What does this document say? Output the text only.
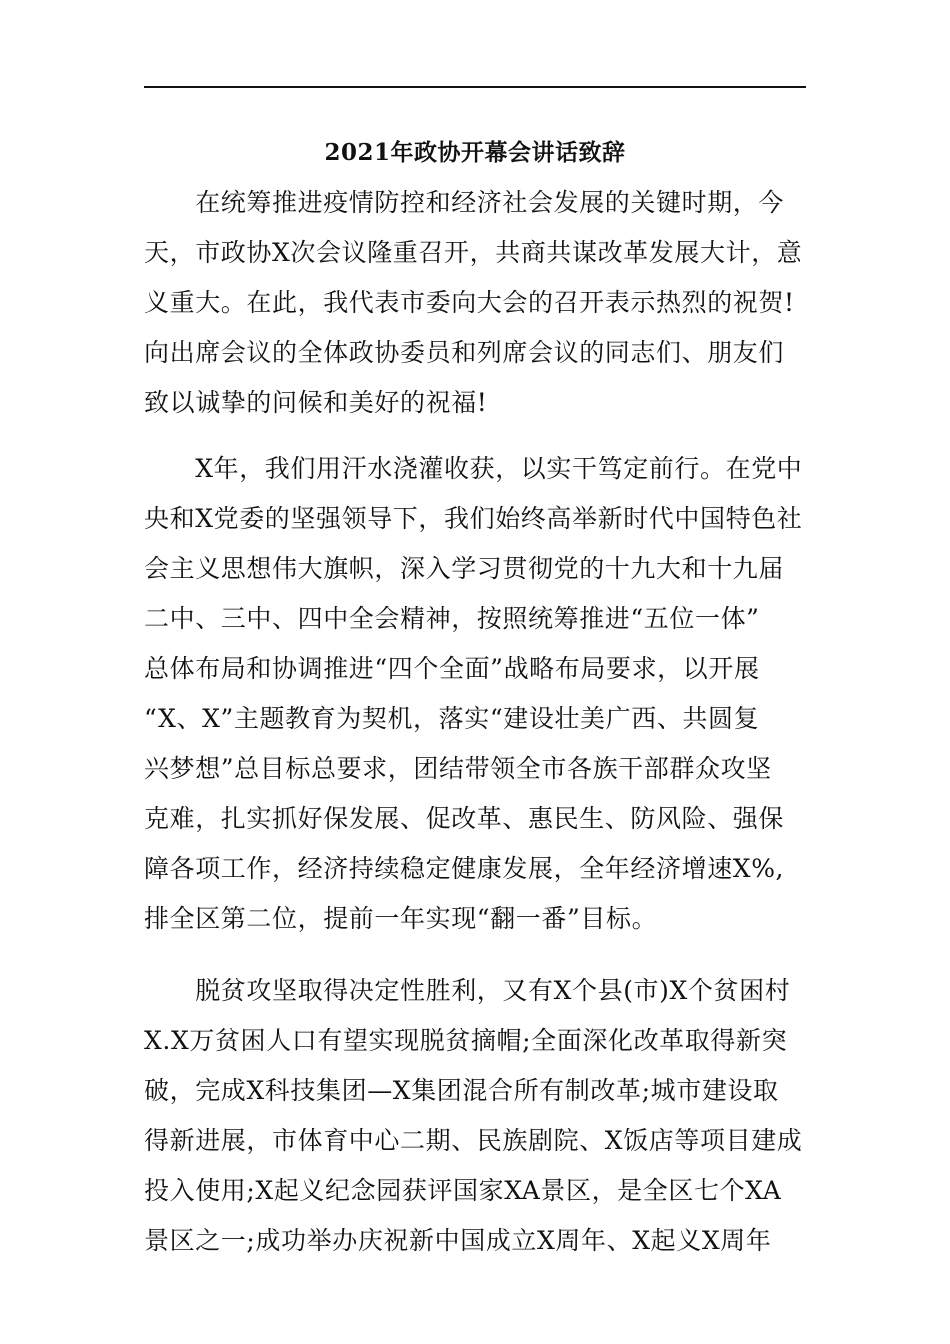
2021年政协开幕会讲话致辞
　　在统筹推进疫情防控和经济社会发展的关键时期，今
天，市政协X次会议隆重召开，共商共谋改革发展大计，意
义重大。在此，我代表市委向大会的召开表示热烈的祝贺!
向出席会议的全体政协委员和列席会议的同志们、朋友们
致以诚挚的问候和美好的祝福!
　　X年，我们用汗水浇灌收获，以实干笃定前行。在党中
央和X党委的坚强领导下，我们始终高举新时代中国特色社
会主义思想伟大旗帜，深入学习贯彻党的十九大和十九届
二中、三中、四中全会精神，按照统筹推进“五位一体”
总体布局和协调推进“四个全面”战略布局要求，以开展
“X、X”主题教育为契机，落实“建设壮美广西、共圆复
兴梦想”总目标总要求，团结带领全市各族干部群众攻坚
克难，扎实抓好保发展、促改革、惠民生、防风险、强保
障各项工作，经济持续稳定健康发展，全年经济增速X%,
排全区第二位，提前一年实现“翻一番”目标。
　　脱贫攻坚取得决定性胜利，又有X个县(市)X个贫困村
X.X万贫困人口有望实现脱贫摘帽;全面深化改革取得新突
破，完成X科技集团—X集团混合所有制改革;城市建设取
得新进展，市体育中心二期、民族剧院、X饭店等项目建成
投入使用;X起义纪念园获评国家XA景区，是全区七个XA
景区之一;成功举办庆祝新中国成立X周年、X起义X周年
